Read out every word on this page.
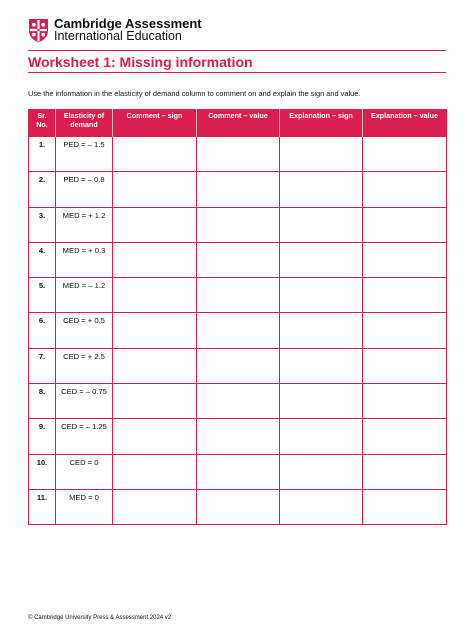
Cambridge Assessment
International Education
Worksheet 1: Missing information
Use the information in the elasticity of demand column to comment on and explain the sign and value.
Sr. No.	Elasticity of demand	Comment – sign	Comment – value	Explanation – sign	Explanation – value
1.	PED = – 1.5				
2.	PED = – 0.8				
3.	MED = + 1.2				
4.	MED = + 0.3				
5.	MED = – 1.2				
6.	CED = + 0.5				
7.	CED = + 2.5				
8.	CED = – 0.75				
9.	CED = – 1.25				
10.	CED = 0				
11.	MED = 0				
© Cambridge University Press & Assessment 2024 v2
